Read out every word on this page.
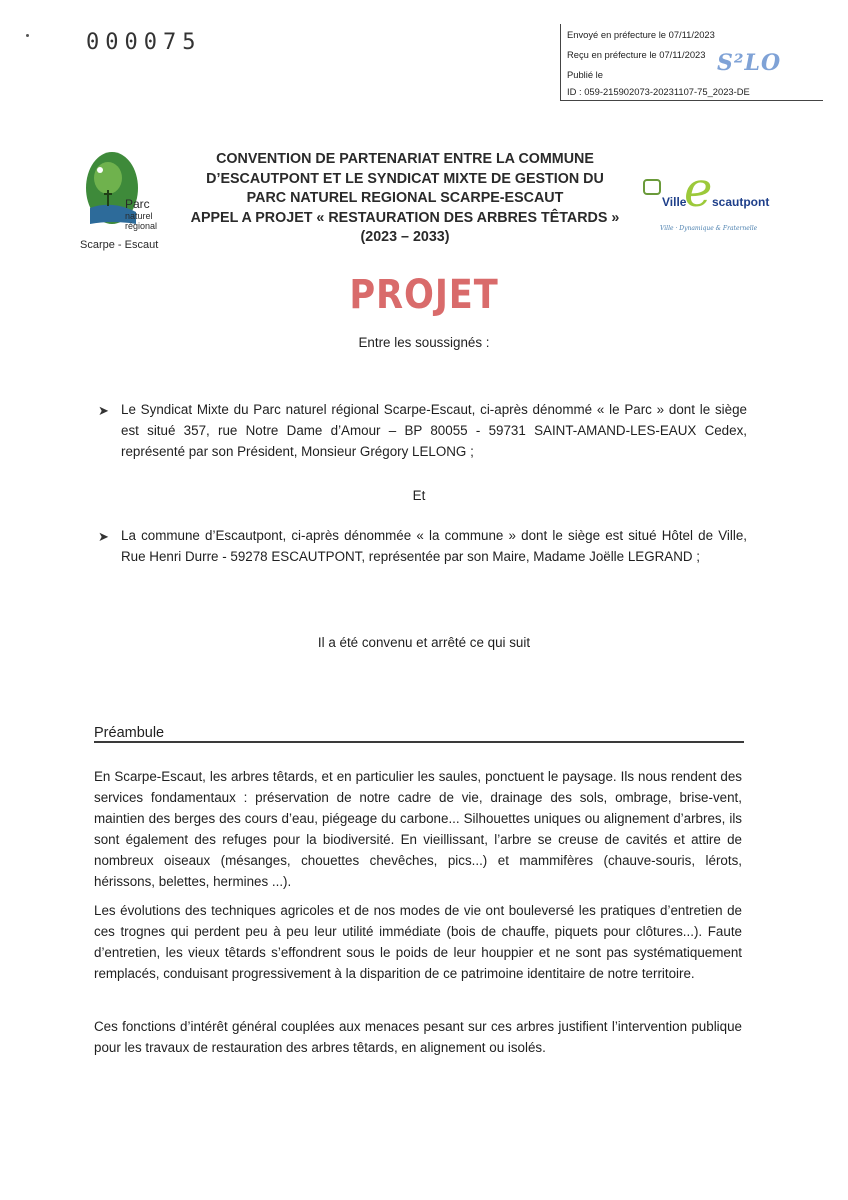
000075	Envoyé en préfecture le 07/11/2023
Reçu en préfecture le 07/11/2023
Publié le
ID : 059-215902073-20231107-75_2023-DE
S²LO
Parc
naturel
régional
Scarpe - Escaut
e
Ville scautpont
Ville · Dynamique & Fraternelle
CONVENTION DE PARTENARIAT ENTRE LA COMMUNE
D’ESCAUTPONT ET LE SYNDICAT MIXTE DE GESTION DU
PARC NATUREL REGIONAL SCARPE-ESCAUT
APPEL A PROJET « RESTAURATION DES ARBRES TÊTARDS »
(2023 – 2033)
PROJET
Entre les soussignés :
➤ Le Syndicat Mixte du Parc naturel régional Scarpe-Escaut, ci-après dénommé « le Parc » dont le siège est situé 357, rue Notre Dame d’Amour – BP 80055 - 59731 SAINT-AMAND-LES-EAUX Cedex, représenté par son Président, Monsieur Grégory LELONG ;
Et
➤ La commune d’Escautpont, ci-après dénommée « la commune » dont le siège est situé Hôtel de Ville, Rue Henri Durre - 59278 ESCAUTPONT, représentée par son Maire, Madame Joëlle LEGRAND ;
Il a été convenu et arrêté ce qui suit
Préambule
En Scarpe-Escaut, les arbres têtards, et en particulier les saules, ponctuent le paysage. Ils nous rendent des services fondamentaux : préservation de notre cadre de vie, drainage des sols, ombrage, brise-vent, maintien des berges des cours d’eau, piégeage du carbone... Silhouettes uniques ou alignement d’arbres, ils sont également des refuges pour la biodiversité. En vieillissant, l’arbre se creuse de cavités et attire de nombreux oiseaux (mésanges, chouettes chevêches, pics...) et mammifères (chauve-souris, lérots, hérissons, belettes, hermines ...).
Les évolutions des techniques agricoles et de nos modes de vie ont bouleversé les pratiques d’entretien de ces trognes qui perdent peu à peu leur utilité immédiate (bois de chauffe, piquets pour clôtures...). Faute d’entretien, les vieux têtards s’effondrent sous le poids de leur houppier et ne sont pas systématiquement remplacés, conduisant progressivement à la disparition de ce patrimoine identitaire de notre territoire.
Ces fonctions d’intérêt général couplées aux menaces pesant sur ces arbres justifient l’intervention publique pour les travaux de restauration des arbres têtards, en alignement ou isolés.
